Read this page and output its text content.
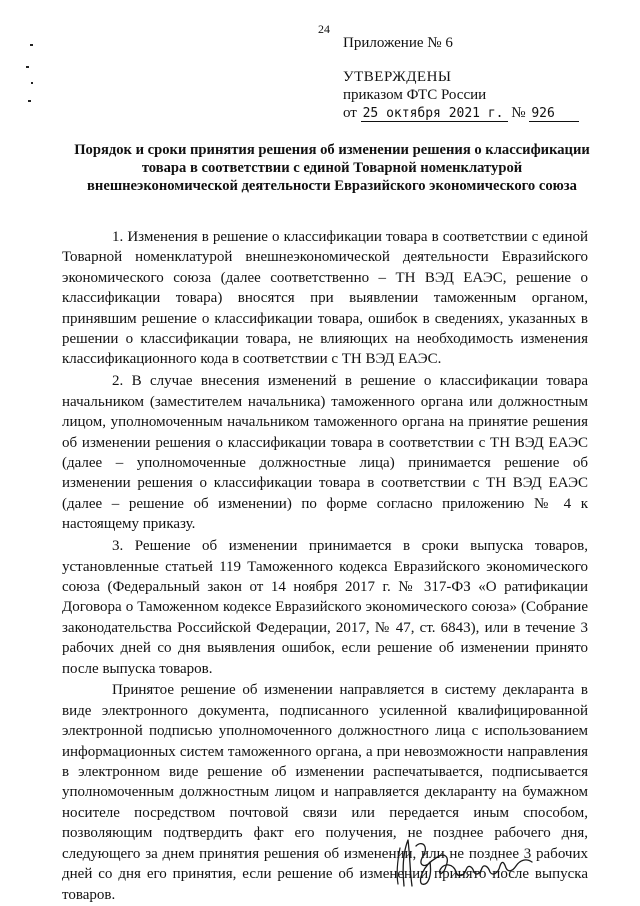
24
Приложение № 6
УТВЕРЖДЕНЫ
приказом ФТС России
от 25 октября 2021 г. № 926
Порядок и сроки принятия решения об изменении решения о классификации
товара в соответствии с единой Товарной номенклатурой
внешнеэкономической деятельности Евразийского экономического союза

1. Изменения в решение о классификации товара в соответствии с единой Товарной номенклатурой внешнеэкономической деятельности Евразийского экономического союза (далее соответственно – ТН ВЭД ЕАЭС, решение о классификации товара) вносятся при выявлении таможенным органом, принявшим решение о классификации товара, ошибок в сведениях, указанных в решении о классификации товара, не влияющих на необходимость изменения классификационного кода в соответствии с ТН ВЭД ЕАЭС.

2. В случае внесения изменений в решение о классификации товара начальником (заместителем начальника) таможенного органа или должностным лицом, уполномоченным начальником таможенного органа на принятие решения об изменении решения о классификации товара в соответствии с ТН ВЭД ЕАЭС (далее – уполномоченные должностные лица) принимается решение об изменении решения о классификации товара в соответствии с ТН ВЭД ЕАЭС (далее – решение об изменении) по форме согласно приложению № 4 к настоящему приказу.

3. Решение об изменении принимается в сроки выпуска товаров, установленные статьей 119 Таможенного кодекса Евразийского экономического союза (Федеральный закон от 14 ноября 2017 г. № 317-ФЗ «О ратификации Договора о Таможенном кодексе Евразийского экономического союза» (Собрание законодательства Российской Федерации, 2017, № 47, ст. 6843), или в течение 3 рабочих дней со дня выявления ошибок, если решение об изменении принято после выпуска товаров.

Принятое решение об изменении направляется в систему декларанта в виде электронного документа, подписанного усиленной квалифицированной электронной подписью уполномоченного должностного лица с использованием информационных систем таможенного органа, а при невозможности направления в электронном виде решение об изменении распечатывается, подписывается уполномоченным должностным лицом и направляется декларанту на бумажном носителе посредством почтовой связи или передается иным способом, позволяющим подтвердить факт его получения, не позднее рабочего дня, следующего за днем принятия решения об изменении, или не позднее 3 рабочих дней со дня его принятия, если решение об изменении принято после выпуска товаров.
